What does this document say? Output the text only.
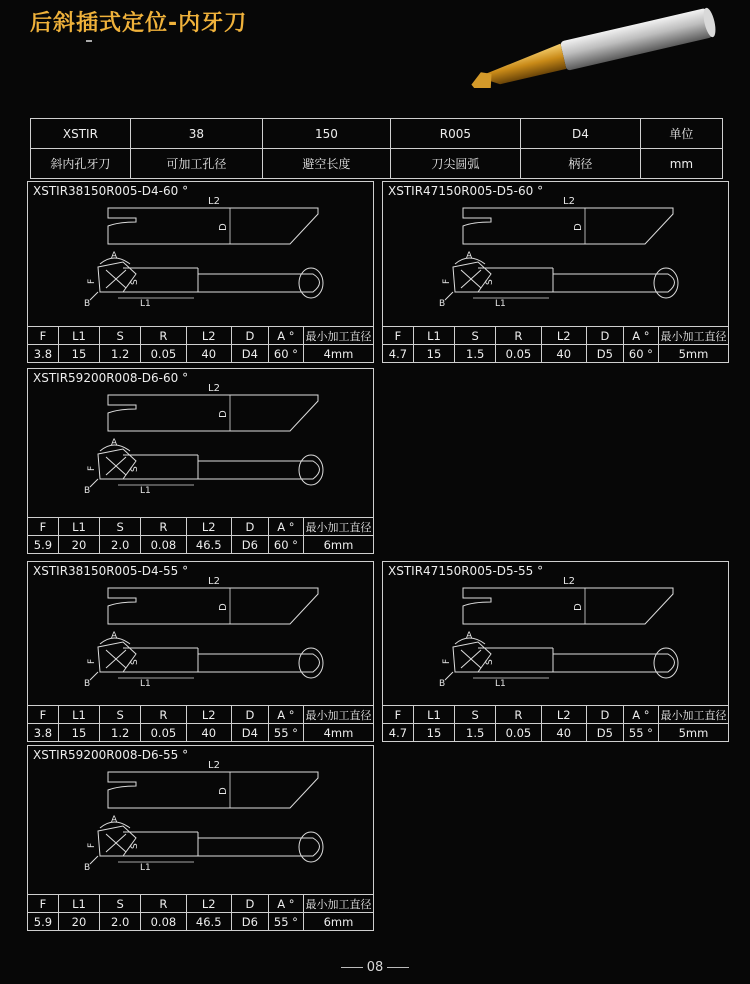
后斜插式定位-内牙刀
XSTIR	38	150	R005	D4	单位
斜内孔牙刀	可加工孔径	避空长度	刀尖圆弧	柄径	mm
XSTIR38150R005-D4-60 °
L2
D
A
F	S
B	L1
F	L1	S	R	L2	D	A °	最小加工直径
3.8	15	1.2	0.05	40	D4	60 °	4mm
XSTIR47150R005-D5-60 °
L2
D
A
F	S
B	L1
F	L1	S	R	L2	D	A °	最小加工直径
4.7	15	1.5	0.05	40	D5	60 °	5mm
XSTIR59200R008-D6-60 °
L2
D
A
F	S
B	L1
F	L1	S	R	L2	D	A °	最小加工直径
5.9	20	2.0	0.08	46.5	D6	60 °	6mm
XSTIR38150R005-D4-55 °
L2
D
A
F	S
B	L1
F	L1	S	R	L2	D	A °	最小加工直径
3.8	15	1.2	0.05	40	D4	55 °	4mm
XSTIR47150R005-D5-55 °
L2
D
A
F	S
B	L1
F	L1	S	R	L2	D	A °	最小加工直径
4.7	15	1.5	0.05	40	D5	55 °	5mm
XSTIR59200R008-D6-55 °
L2
D
A
F	S
B	L1
F	L1	S	R	L2	D	A °	最小加工直径
5.9	20	2.0	0.08	46.5	D6	55 °	6mm
08
